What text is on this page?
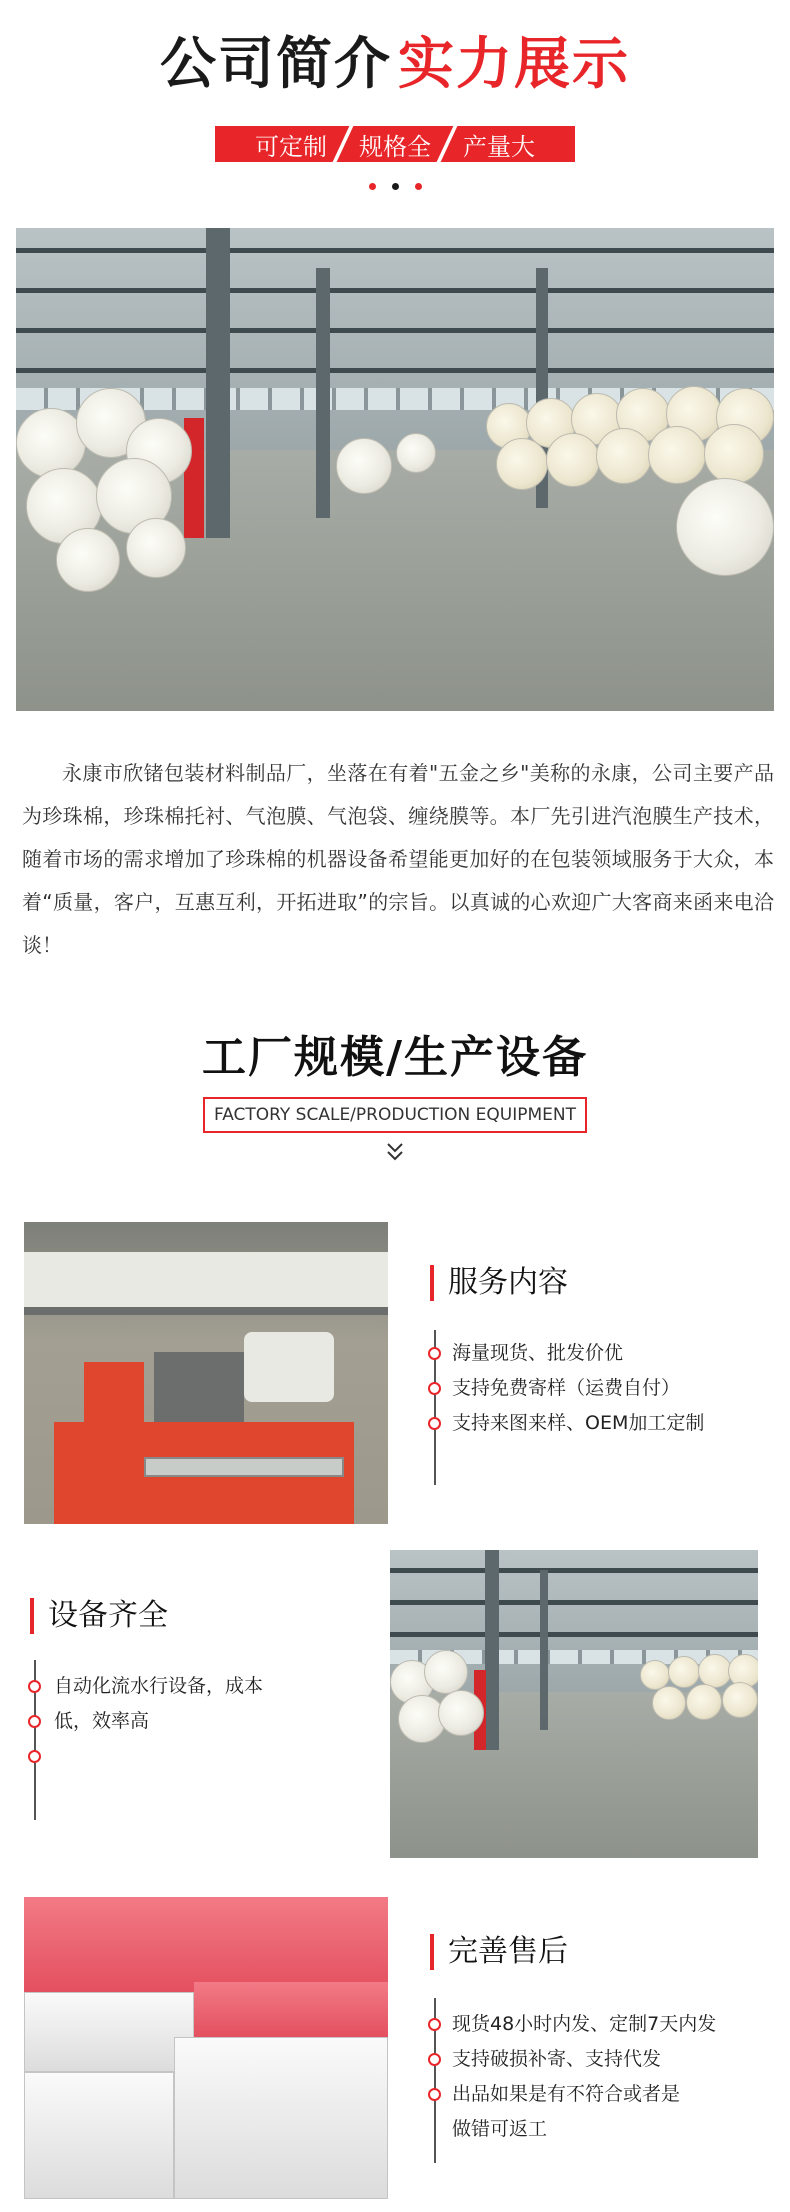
公司简介 实力展示
可定制	规格全	产量大

永康市欣锗包装材料制品厂，坐落在有着"五金之乡"美称的永康，公司主要产品为珍珠棉，珍珠棉托衬、气泡膜、气泡袋、缠绕膜等。本厂先引进汽泡膜生产技术，随着市场的需求增加了珍珠棉的机器设备希望能更加好的在包装领域服务于大众，本着“质量，客户，互惠互利，开拓进取”的宗旨。以真诚的心欢迎广大客商来函来电洽谈！

工厂规模/生产设备
FACTORY SCALE/PRODUCTION EQUIPMENT
服务内容
海量现货、批发价优
支持免费寄样（运费自付）
支持来图来样、OEM加工定制
设备齐全
自动化流水行设备，成本
低，效率高
完善售后
现货48小时内发、定制7天内发
支持破损补寄、支持代发
出品如果是有不符合或者是
做错可返工
